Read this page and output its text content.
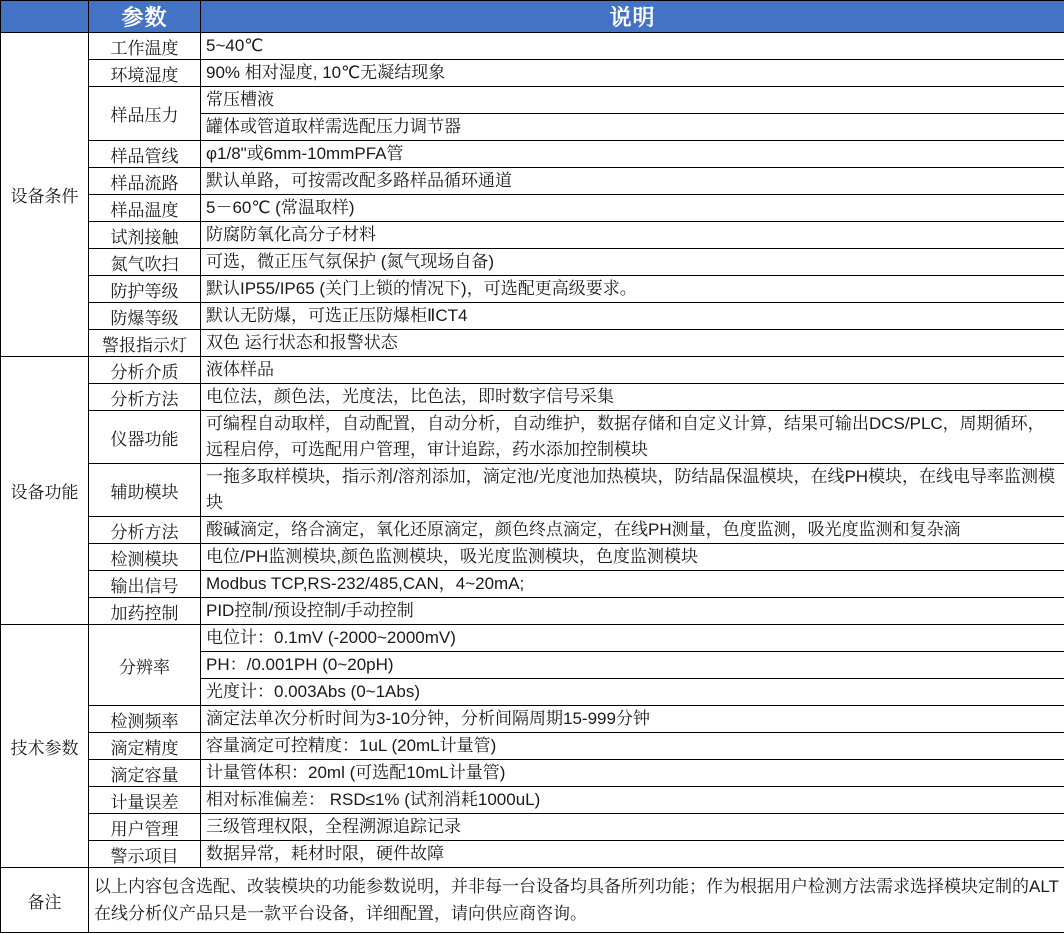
	参数	说明
设备条件	工作温度	5~40℃
	环境湿度	90% 相对湿度, 10℃无凝结现象
	样品压力	常压槽液
		罐体或管道取样需选配压力调节器
	样品管线	φ1/8"或6mm-10mmPFA管
	样品流路	默认单路，可按需改配多路样品循环通道
	样品温度	5－60℃ (常温取样)
	试剂接触	防腐防氧化高分子材料
	氮气吹扫	可选，微正压气氛保护 (氮气现场自备)
	防护等级	默认IP55/IP65 (关门上锁的情况下)，可选配更高级要求。
	防爆等级	默认无防爆，可选正压防爆柜ⅡCT4
	警报指示灯	双色 运行状态和报警状态
设备功能	分析介质	液体样品
	分析方法	电位法，颜色法，光度法，比色法，即时数字信号采集
	仪器功能	可编程自动取样，自动配置，自动分析，自动维护，数据存储和自定义计算，结果可输出DCS/PLC，周期循环，远程启停，可选配用户管理，审计追踪，药水添加控制模块
	辅助模块	一拖多取样模块，指示剂/溶剂添加，滴定池/光度池加热模块，防结晶保温模块，在线PH模块，在线电导率监测模块
	分析方法	酸碱滴定，络合滴定，氧化还原滴定，颜色终点滴定，在线PH测量，色度监测，吸光度监测和复杂滴
	检测模块	电位/PH监测模块,颜色监测模块，吸光度监测模块，色度监测模块
	输出信号	Modbus TCP,RS-232/485,CAN，4~20mA;
	加药控制	PID控制/预设控制/手动控制
技术参数	分辨率	电位计：0.1mV (-2000~2000mV)
		PH：/0.001PH (0~20pH)
		光度计：0.003Abs (0~1Abs)
	检测频率	滴定法单次分析时间为3-10分钟，分析间隔周期15-999分钟
	滴定精度	容量滴定可控精度：1uL (20mL计量管)
	滴定容量	计量管体积：20ml (可选配10mL计量管)
	计量误差	相对标准偏差： RSD≤1% (试剂消耗1000uL)
	用户管理	三级管理权限，全程溯源追踪记录
	警示项目	数据异常，耗材时限，硬件故障
备注	以上内容包含选配、改装模块的功能参数说明，并非每一台设备均具备所列功能；作为根据用户检测方法需求选择模块定制的ALT在线分析仪产品只是一款平台设备，详细配置，请向供应商咨询。	
